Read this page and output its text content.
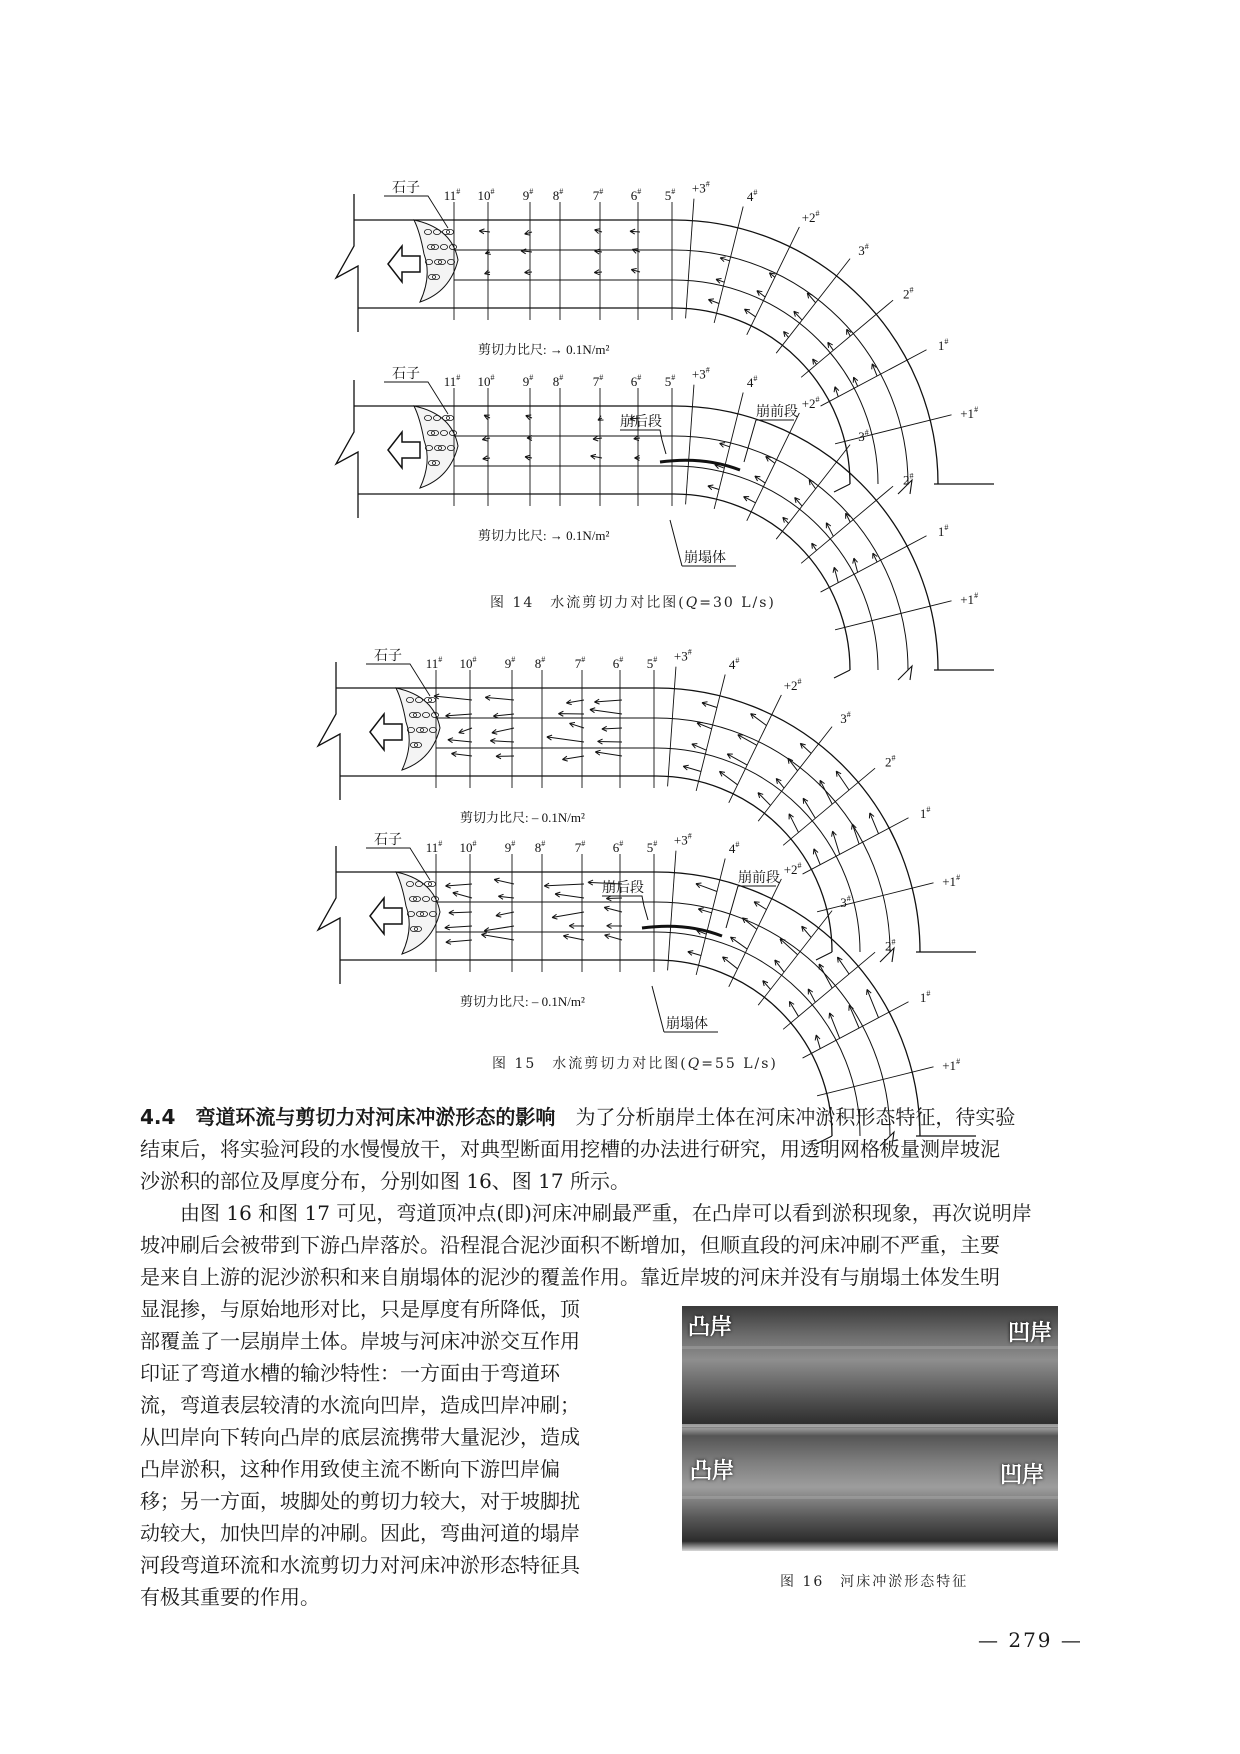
石子 11# 10# 9# 8# 7# 6# 5# +3#
4#
+2#
3#
2#
1#
+1#
剪切力比尺: → 0.1N/m²
石子 11# 10# 9# 8# 7# 6# 5# +3#
4#
+2#
3#
2#
1#
+1#
剪切力比尺: → 0.1N/m²
崩后段
崩前段
崩塌体
图 14　水流剪切力对比图(Q=30 L/s)
石子 11# 10# 9# 8# 7# 6# 5# +3#
4#
+2#
3#
2#
1#
+1#
剪切力比尺: ‒ 0.1N/m²
石子 11# 10# 9# 8# 7# 6# 5# +3#
4#
+2#
3#
2#
1#
+1#
剪切力比尺: ‒ 0.1N/m²
崩后段
崩前段
崩塌体
图 15　水流剪切力对比图(Q=55 L/s)
4.4　 弯道环流与剪切力对河床冲淤形态的影响　 为了分析崩岸土体在河床冲淤积形态特征，待实验
结束后，将实验河段的水慢慢放干，对典型断面用挖槽的办法进行研究，用透明网格板量测岸坡泥
沙淤积的部位及厚度分布，分别如图 16、图 17 所示。
由图 16 和图 17 可见，弯道顶冲点(即)河床冲刷最严重，在凸岸可以看到淤积现象，再次说明岸
坡冲刷后会被带到下游凸岸落於。沿程混合泥沙面积不断增加，但顺直段的河床冲刷不严重，主要
是来自上游的泥沙淤积和来自崩塌体的泥沙的覆盖作用。靠近岸坡的河床并没有与崩塌土体发生明
显混掺，与原始地形对比，只是厚度有所降低，顶
部覆盖了一层崩岸土体。岸坡与河床冲淤交互作用
印证了弯道水槽的输沙特性：一方面由于弯道环
流，弯道表层较清的水流向凹岸，造成凹岸冲刷；
从凹岸向下转向凸岸的底层流携带大量泥沙，造成
凸岸淤积，这种作用致使主流不断向下游凹岸偏
移；另一方面，坡脚处的剪切力较大，对于坡脚扰
动较大，加快凹岸的冲刷。因此，弯曲河道的塌岸
河段弯道环流和水流剪切力对河床冲淤形态特征具
有极其重要的作用。
凸岸	凹岸
凸岸	凹岸
图 16　河床冲淤形态特征
— 279 —
